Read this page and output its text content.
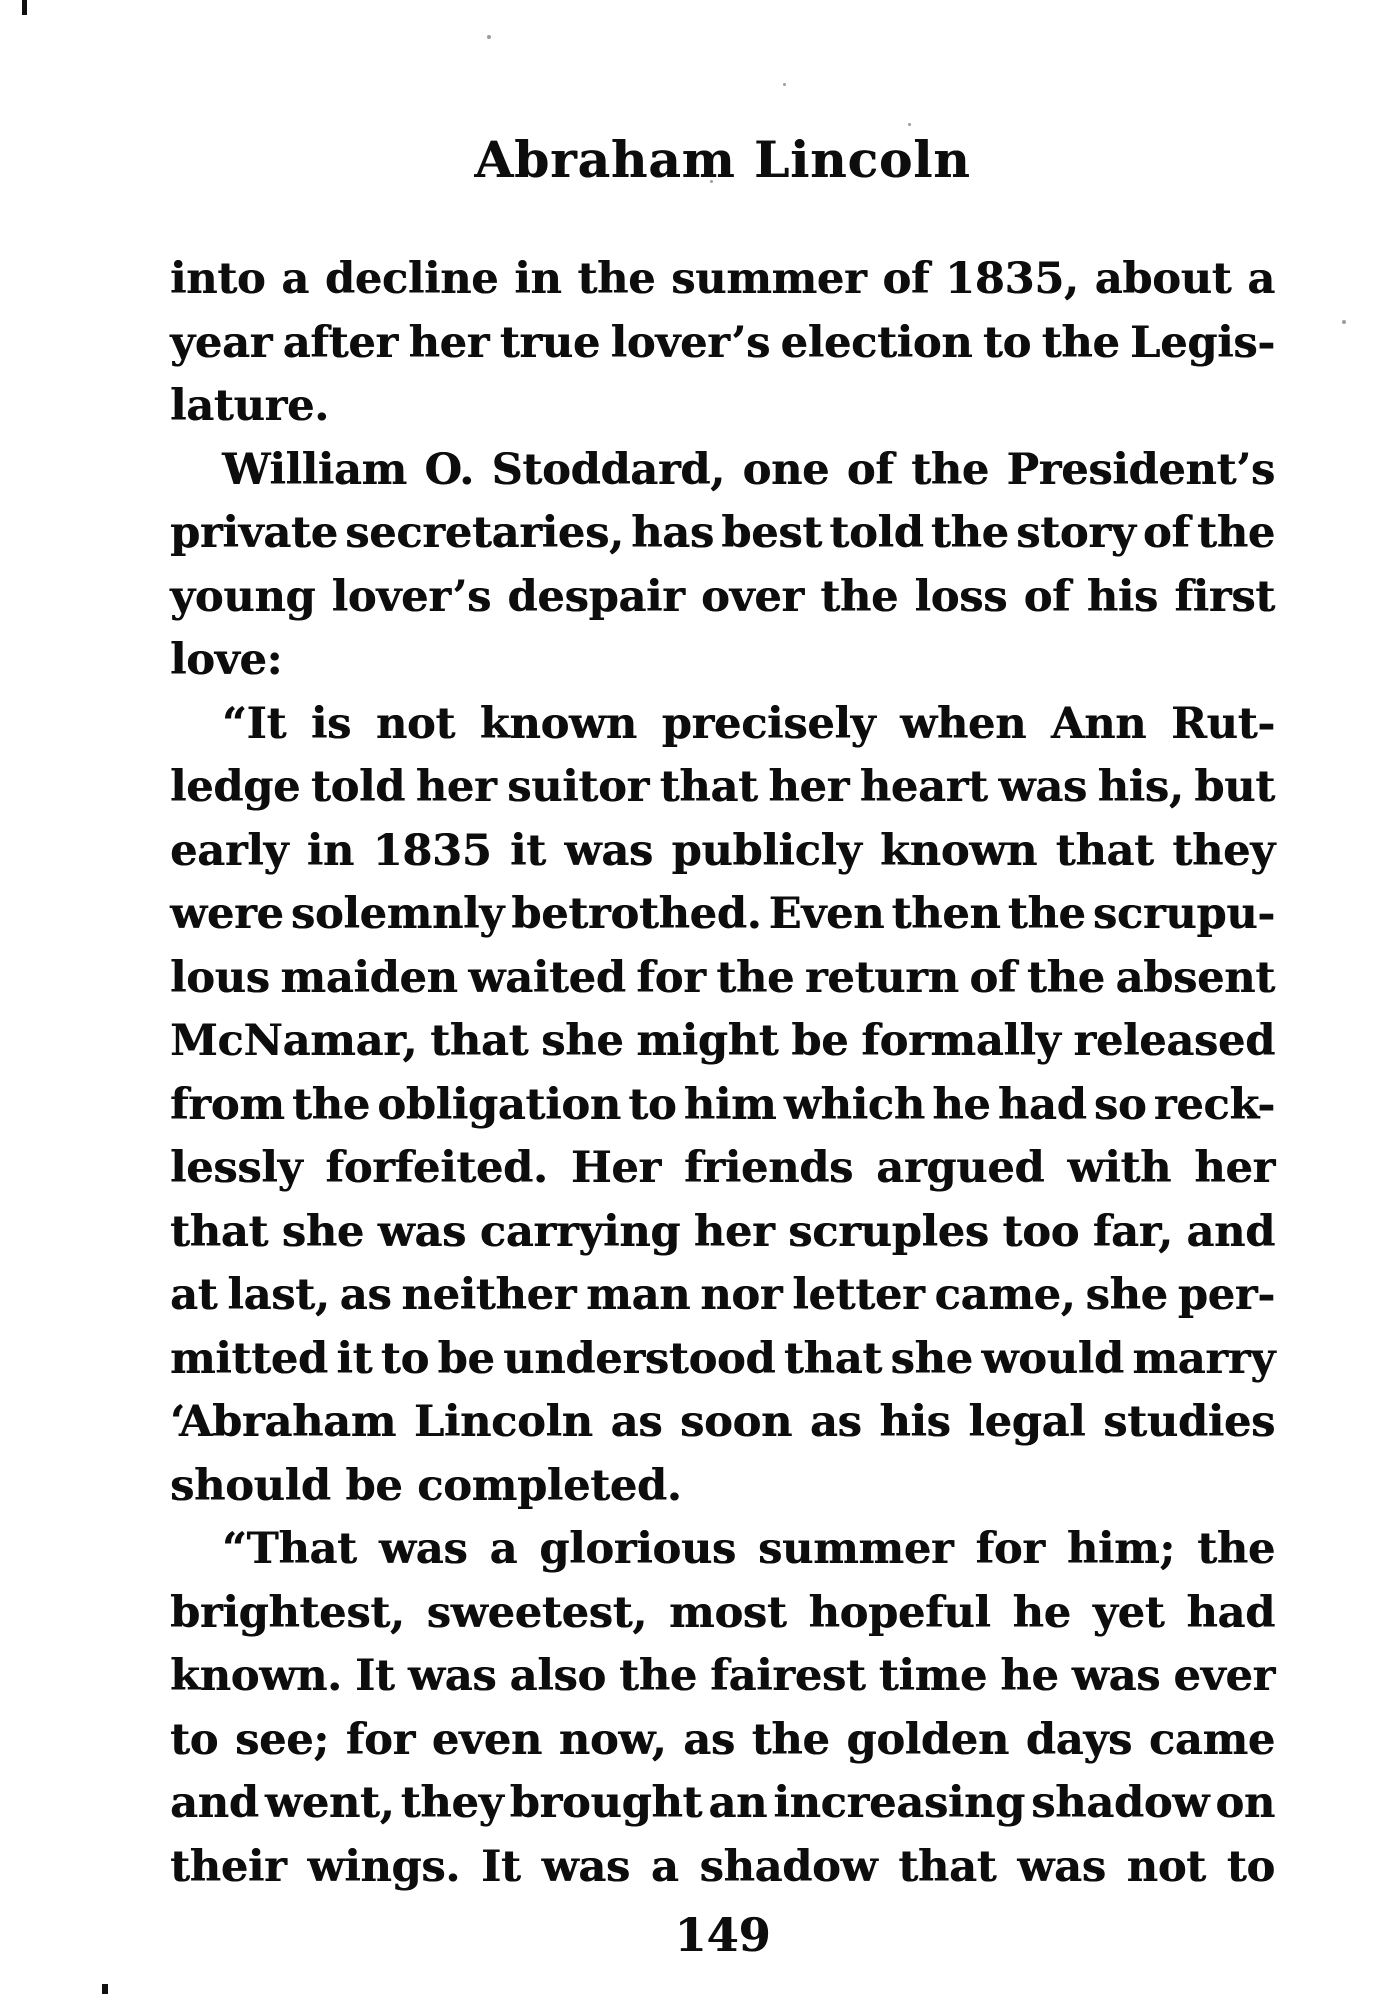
Abraham Lincoln
into a decline in the summer of 1835, about a
year after her true lover’s election to the Legis-
lature.
William O. Stoddard, one of the President’s
private secretaries, has best told the story of the
young lover’s despair over the loss of his first
love:
“It is not known precisely when Ann Rut-
ledge told her suitor that her heart was his, but
early in 1835 it was publicly known that they
were solemnly betrothed. Even then the scrupu-
lous maiden waited for the return of the absent
McNamar, that she might be formally released
from the obligation to him which he had so reck-
lessly forfeited. Her friends argued with her
that she was carrying her scruples too far, and
at last, as neither man nor letter came, she per-
mitted it to be understood that she would marry
‘Abraham Lincoln as soon as his legal studies
should be completed.
“That was a glorious summer for him; the
brightest, sweetest, most hopeful he yet had
known. It was also the fairest time he was ever
to see; for even now, as the golden days came
and went, they brought an increasing shadow on
their wings. It was a shadow that was not to
149
